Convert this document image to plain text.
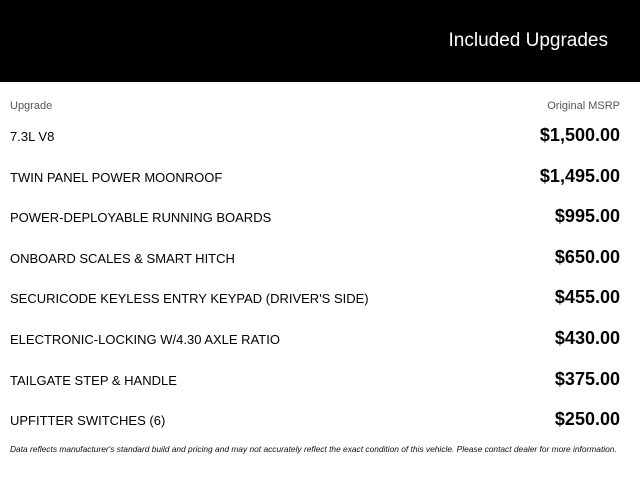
Included Upgrades
Upgrade	Original MSRP
7.3L V8	$1,500.00
TWIN PANEL POWER MOONROOF	$1,495.00
POWER-DEPLOYABLE RUNNING BOARDS	$995.00
ONBOARD SCALES & SMART HITCH	$650.00
SECURICODE KEYLESS ENTRY KEYPAD (DRIVER'S SIDE)	$455.00
ELECTRONIC-LOCKING W/4.30 AXLE RATIO	$430.00
TAILGATE STEP & HANDLE	$375.00
UPFITTER SWITCHES (6)	$250.00
Data reflects manufacturer's standard build and pricing and may not accurately reflect the exact condition of this vehicle. Please contact dealer for more information.
